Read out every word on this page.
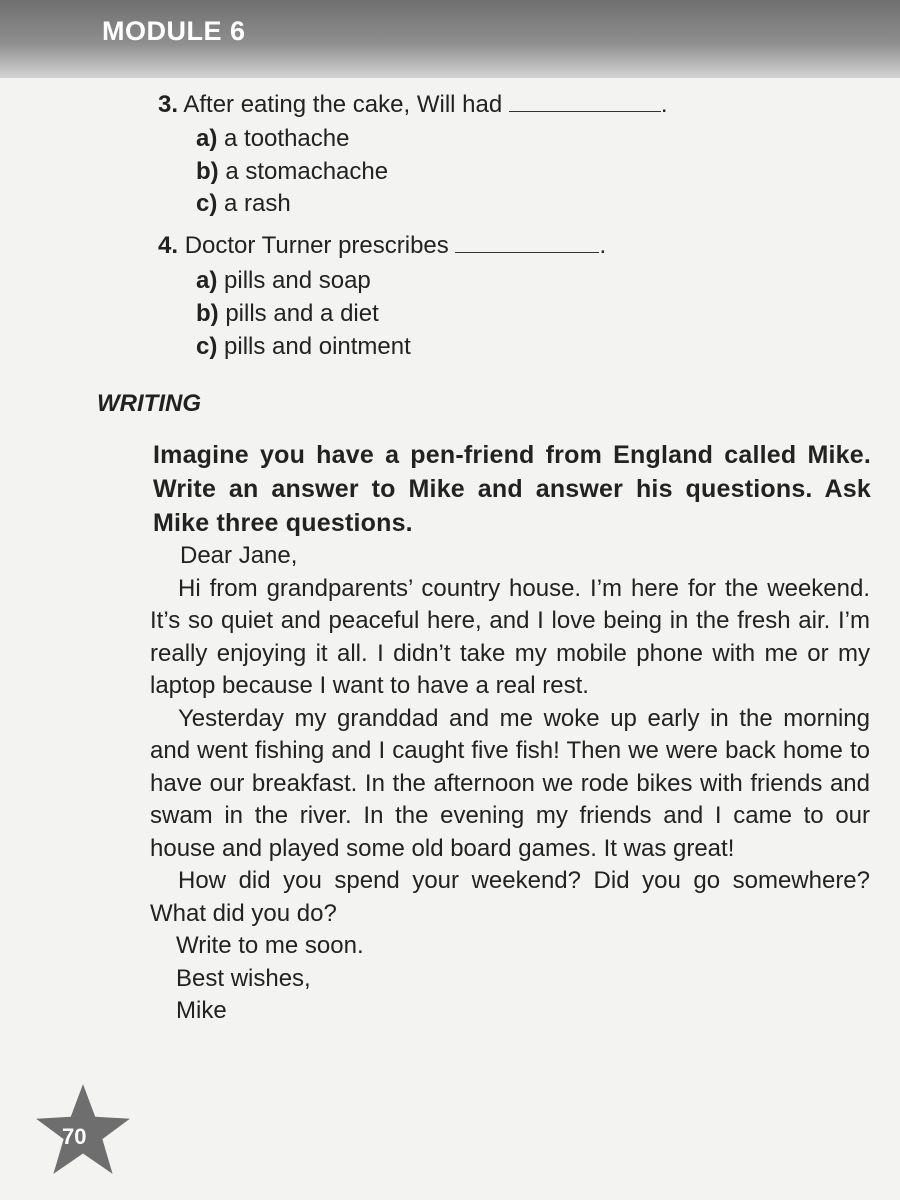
MODULE 6
3. After eating the cake, Will had	.
a) a toothache
b) a stomachache
c) a rash
4. Doctor Turner prescribes	.
a) pills and soap
b) pills and a diet
c) pills and ointment
WRITING
Imagine you have a pen-friend from England called Mike. Write an answer to Mike and answer his questions. Ask Mike three questions.

Dear Jane,

Hi from grandparents’ country house. I’m here for the weekend. It’s so quiet and peaceful here, and I love being in the fresh air. I’m really enjoying it all. I didn’t take my mobile phone with me or my laptop because I want to have a real rest.

Yesterday my granddad and me woke up early in the morning and went fishing and I caught five fish! Then we were back home to have our breakfast. In the afternoon we rode bikes with friends and swam in the river. In the evening my friends and I came to our house and played some old board games. It was great!

How did you spend your weekend? Did you go somewhere? What did you do?

Write to me soon.

Best wishes,

Mike

70
